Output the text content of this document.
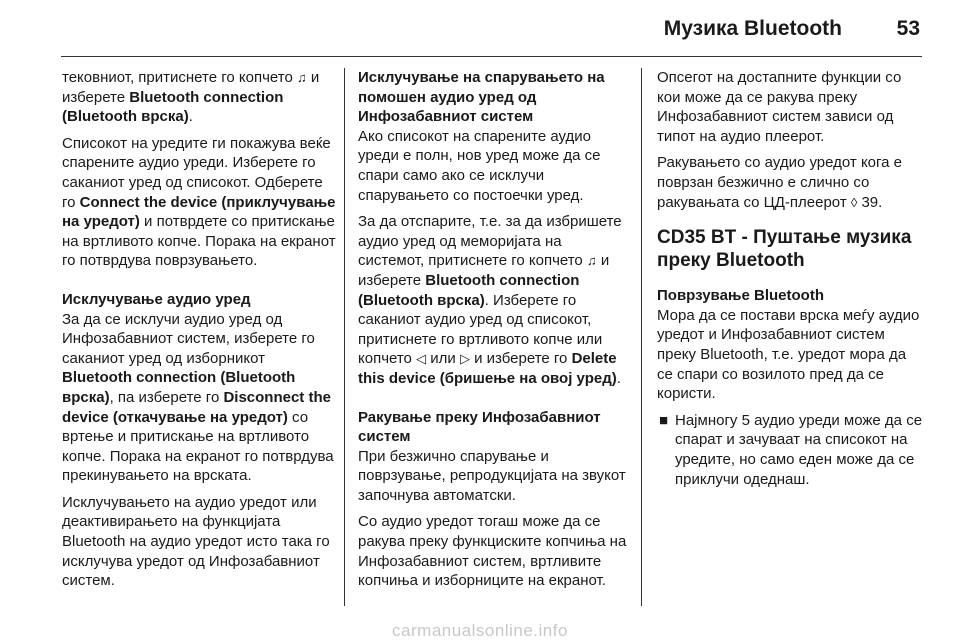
Музика Bluetooth	53

тековниот, притиснете го копчето ♫ и изберете Bluetooth connection (Bluetooth врска).

Списокот на уредите ги покажува веќе спарените аудио уреди. Изберете го саканиот уред од списокот. Одберете го Connect the device (приклучување на уредот) и потврдете со притискање на вртливото копче. Поракa на екранот го потврдува поврзувањето.

Исклучување аудио уред

За да се исклучи аудио уред од Инфозабавниот систем, изберете го саканиот уред од изборникот Bluetooth connection (Bluetooth врска), па изберете го Disconnect the device (откачување на уредот) со вртење и притискање на вртливото копче. Порака на екранот го потврдува прекинувањето на врската.

Исклучувањето на аудио уредот или деактивирањето на функцијата Bluetooth на аудио уредот исто така го исклучува уредот од Инфозабавниот систем.

Исклучување на спарувањето на помошен аудио уред од Инфозабавниот систем

Ако списокот на спарените аудио уреди е полн, нов уред може да се спари само ако се исклучи спарувањето со постоечки уред.

За да отспарите, т.е. за да избришете аудио уред од меморијата на системот, притиснете го копчето ♫ и изберете Bluetooth connection (Bluetooth врска). Изберете го саканиот аудио уред од списокот, притиснете го вртливото копче или копчето ◁ или ▷ и изберете го Delete this device (бришење на овој уред).

Ракување преку Инфозабавниот систем

При безжично спарување и поврзување, репродукцијата на звукот започнува автоматски.

Со аудио уредот тогаш може да се ракува преку функциските копчиња на Инфозабавниот систем, вртливите копчиња и изборниците на екранот.

Опсегот на достапните функции со кои може да се ракува преку Инфозабавниот систем зависи од типот на аудио плеерот.

Ракувањето со аудио уредот кога е поврзан безжично е слично со ракувањата со ЦД-плеерот ◊ 39.

CD35 BT - Пуштање музика преку Bluetooth

Поврзување Bluetooth

Мора да се постави врска меѓу аудио уредот и Инфозабавниот систем преку Bluetooth, т.е. уредот мора да се спари со возилото пред да се користи.

■ Најмногу 5 аудио уреди може да се спарат и зачуваат на списокот на уредите, но само еден може да се приклучи одеднаш.
carmanualsonline.info
